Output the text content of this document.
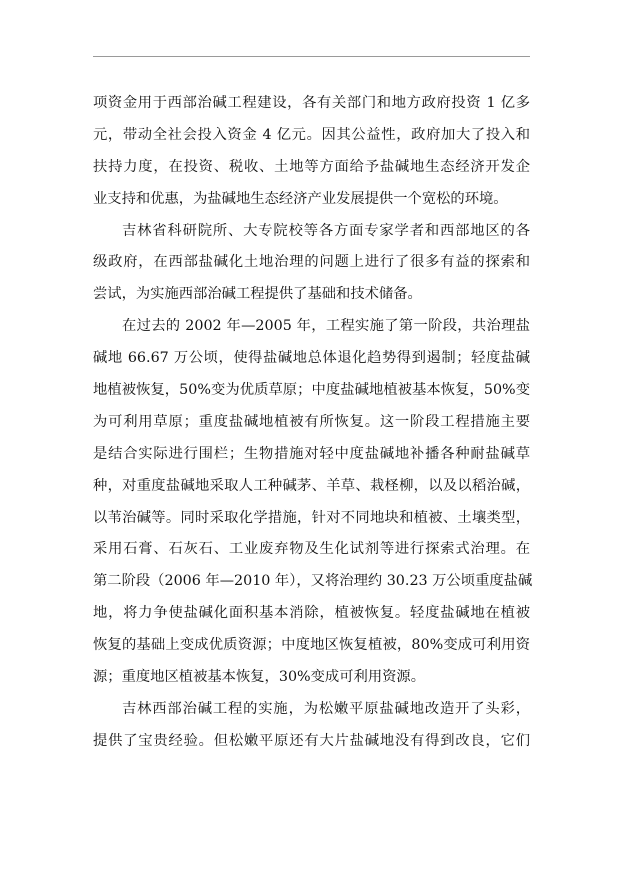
项资金用于西部治碱工程建设，各有关部门和地方政府投资 1 亿多
元，带动全社会投入资金 4 亿元。因其公益性，政府加大了投入和
扶持力度，在投资、税收、土地等方面给予盐碱地生态经济开发企
业支持和优惠，为盐碱地生态经济产业发展提供一个宽松的环境。
吉林省科研院所、大专院校等各方面专家学者和西部地区的各
级政府，在西部盐碱化土地治理的问题上进行了很多有益的探索和
尝试，为实施西部治碱工程提供了基础和技术储备。
在过去的 2002 年—2005 年，工程实施了第一阶段，共治理盐
碱地 66.67 万公顷，使得盐碱地总体退化趋势得到遏制；轻度盐碱
地植被恢复，50%变为优质草原；中度盐碱地植被基本恢复，50%变
为可利用草原；重度盐碱地植被有所恢复。这一阶段工程措施主要
是结合实际进行围栏；生物措施对轻中度盐碱地补播各种耐盐碱草
种，对重度盐碱地采取人工种碱茅、羊草、栽柽柳，以及以稻治碱，
以苇治碱等。同时采取化学措施，针对不同地块和植被、土壤类型，
采用石膏、石灰石、工业废弃物及生化试剂等进行探索式治理。在
第二阶段（2006 年—2010 年），又将治理约 30.23 万公顷重度盐碱
地，将力争使盐碱化面积基本消除，植被恢复。轻度盐碱地在植被
恢复的基础上变成优质资源；中度地区恢复植被，80%变成可利用资
源；重度地区植被基本恢复，30%变成可利用资源。
吉林西部治碱工程的实施，为松嫩平原盐碱地改造开了头彩，
提供了宝贵经验。但松嫩平原还有大片盐碱地没有得到改良，它们
